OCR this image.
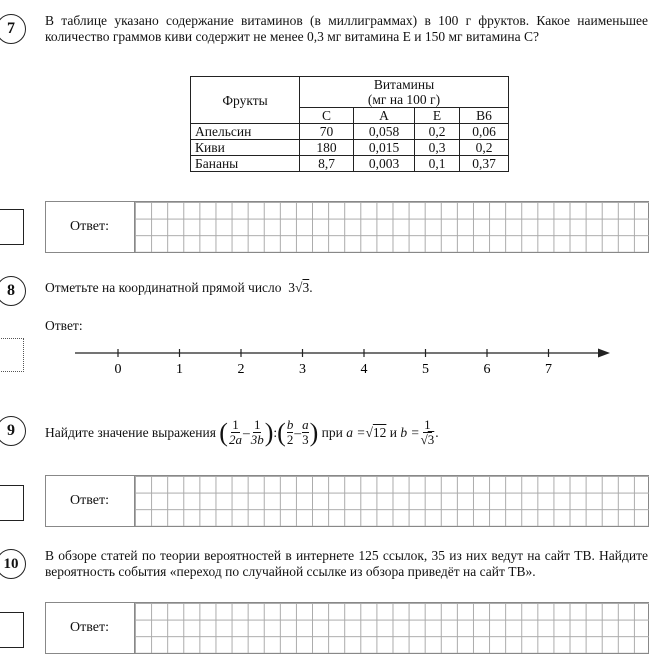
7	В таблице указано содержание витаминов (в миллиграммах) в 100 г фруктов. Какое наименьшее количество граммов киви содержит не менее 0,3 мг витамина Е и 150 мг витамина С?
Фрукты	Витамины
(мг на 100 г)			

	С	А	Е	В6
Апельсин	70	0,058	0,2	0,06
Киви	180	0,015	0,3	0,2
Бананы	8,7	0,003	0,1	0,37
Ответ:
8	Отметьте на координатной прямой число 3√3.
Ответ:
0	1	2	3	4	5	6	7
9	Найдите значение выражения
( $\frac{1}{2a} - \frac{1}{3b}$ ) : ( $\frac{b}{2} - \frac{a}{3}$ )
при
a = √ 12
и
$b = \frac{1}{√3}$ .
Ответ:
10	В обзоре статей по теории вероятностей в интернете 125 ссылок, 35 из них ведут на сайт ТВ. Найдите вероятность события «переход по случайной ссылке из обзора приведёт на сайт ТВ».
Ответ:
